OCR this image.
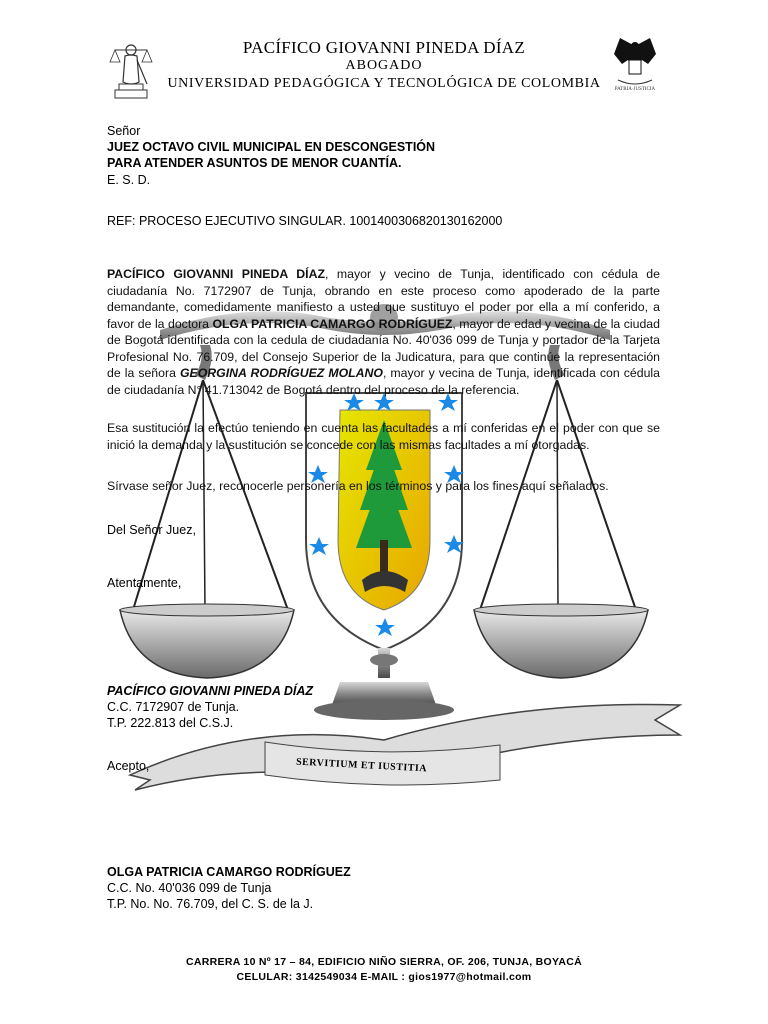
SERVITIUM ET IUSTITIA
PATRIA·JUSTICIA
PACÍFICO GIOVANNI PINEDA DÍAZ
ABOGADO
UNIVERSIDAD PEDAGÓGICA Y TECNOLÓGICA DE COLOMBIA
Señor
JUEZ OCTAVO CIVIL MUNICIPAL EN DESCONGESTIÓN
PARA ATENDER ASUNTOS DE MENOR CUANTÍA.
E. S. D.
REF: PROCESO EJECUTIVO SINGULAR. 1001400306820130162000
PACÍFICO GIOVANNI PINEDA DÍAZ, mayor y vecino de Tunja, identificado con cédula de ciudadanía No. 7172907 de Tunja, obrando en este proceso como apoderado de la parte demandante, comedidamente manifiesto a usted que sustituyo el poder por ella a mí conferido, a favor de la doctora OLGA PATRICIA CAMARGO RODRÍGUEZ, mayor de edad y vecina de la ciudad de Bogotá identificada con la cedula de ciudadanía No. 40'036 099 de Tunja y portador de la Tarjeta Profesional No. 76.709, del Consejo Superior de la Judicatura, para que continúe la representación de la señora GEORGINA RODRÍGUEZ MOLANO, mayor y vecina de Tunja, identificada con cédula de ciudadanía N° 41.713042 de Bogotá dentro del proceso de la referencia.
Esa sustitución la efectúo teniendo en cuenta las facultades a mí conferidas en el poder con que se inició la demanda y la sustitución se concede con las mismas facultades a mí otorgadas.
Sírvase señor Juez, reconocerle personería en los términos y para los fines aquí señalados.
Del Señor Juez,
Atentamente,
PACÍFICO GIOVANNI PINEDA DÍAZ
C.C. 7172907 de Tunja.
T.P. 222.813 del C.S.J.
Acepto,
OLGA PATRICIA CAMARGO RODRÍGUEZ
C.C. No. 40'036 099 de Tunja
T.P. No. No. 76.709, del C. S. de la J.
CARRERA 10 Nº 17 – 84, EDIFICIO NIÑO SIERRA, OF. 206, TUNJA, BOYACÁ
CELULAR: 3142549034 E-MAIL : gios1977@hotmail.com
